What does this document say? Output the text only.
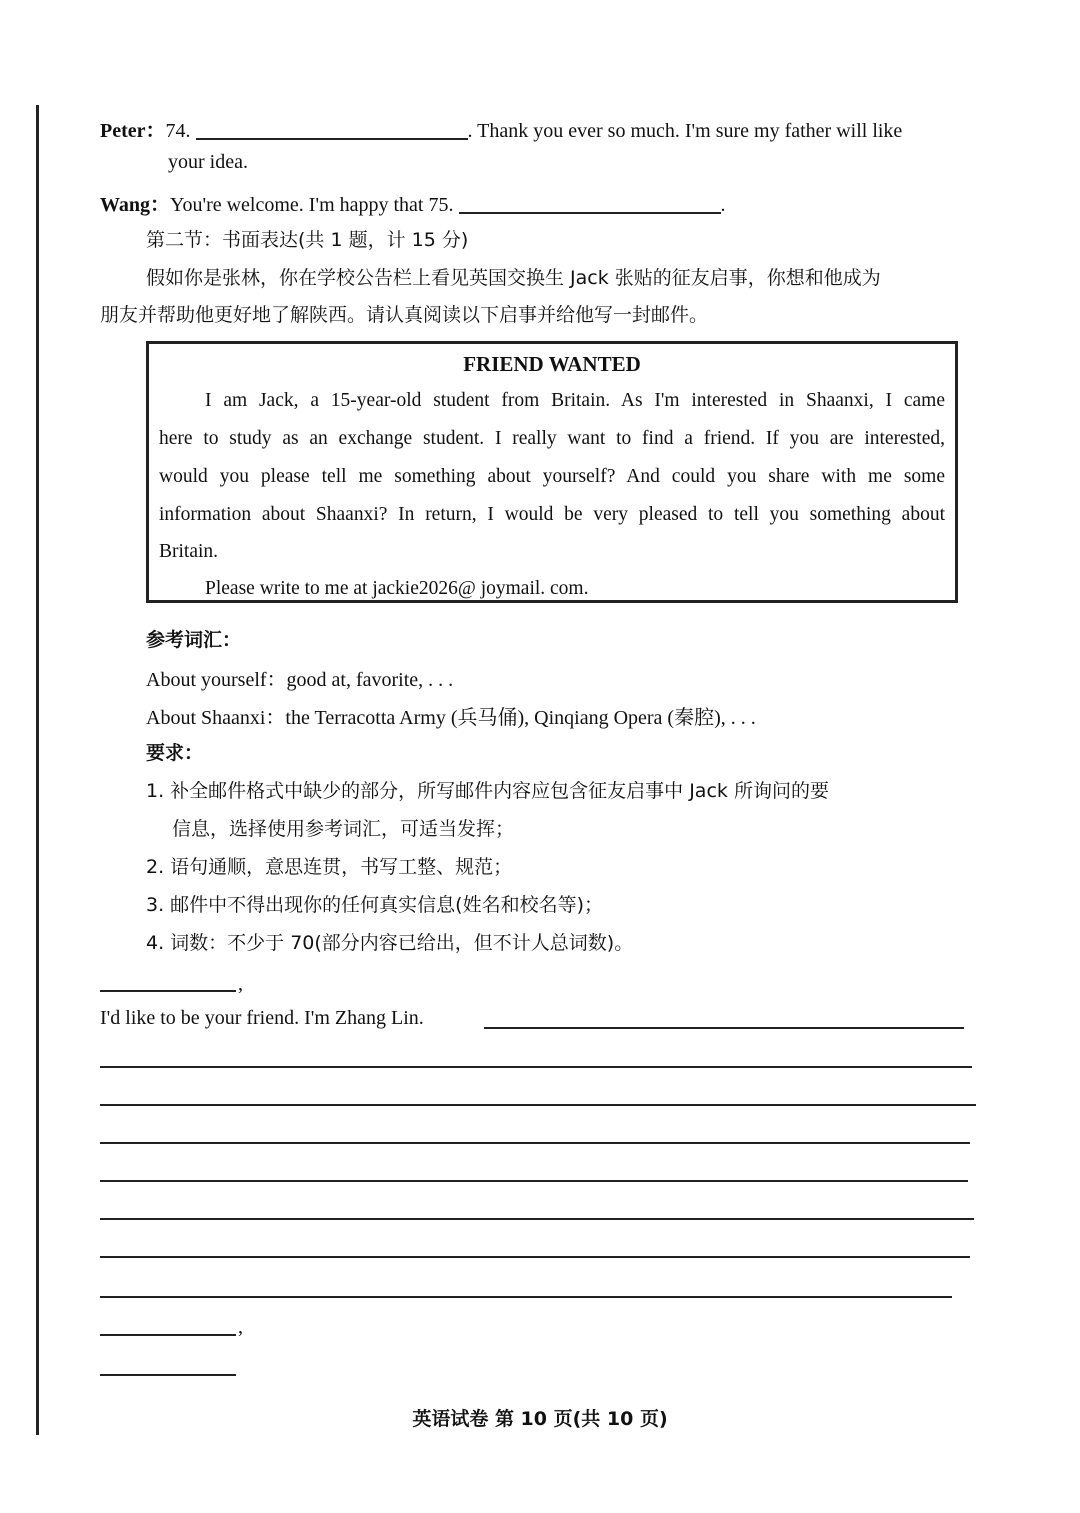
Peter：74.	. Thank you ever so much. I'm sure my father will like
your idea.
Wang：You're welcome. I'm happy that 75.	.
第二节：书面表达(共 1 题，计 15 分)
假如你是张林，你在学校公告栏上看见英国交换生 Jack 张贴的征友启事，你想和他成为
朋友并帮助他更好地了解陕西。请认真阅读以下启事并给他写一封邮件。
FRIEND WANTED
I am Jack, a 15-year-old student from Britain. As I'm interested in Shaanxi, I came
here to study as an exchange student. I really want to find a friend. If you are interested,
would you please tell me something about yourself? And could you share with me some
information about Shaanxi? In return, I would be very pleased to tell you something about
Britain.
Please write to me at jackie2026@ joymail. com.
参考词汇：
About yourself：good at, favorite, . . .
About Shaanxi：the Terracotta Army (兵马俑), Qinqiang Opera (秦腔), . . .
要求：
1. 补全邮件格式中缺少的部分，所写邮件内容应包含征友启事中 Jack 所询问的要
信息，选择使用参考词汇，可适当发挥；
2. 语句通顺，意思连贯，书写工整、规范；
3. 邮件中不得出现你的任何真实信息(姓名和校名等)；
4. 词数：不少于 70(部分内容已给出，但不计人总词数)。
,
I'd like to be your friend. I'm Zhang Lin.
,
英语试卷 第 10 页(共 10 页)
